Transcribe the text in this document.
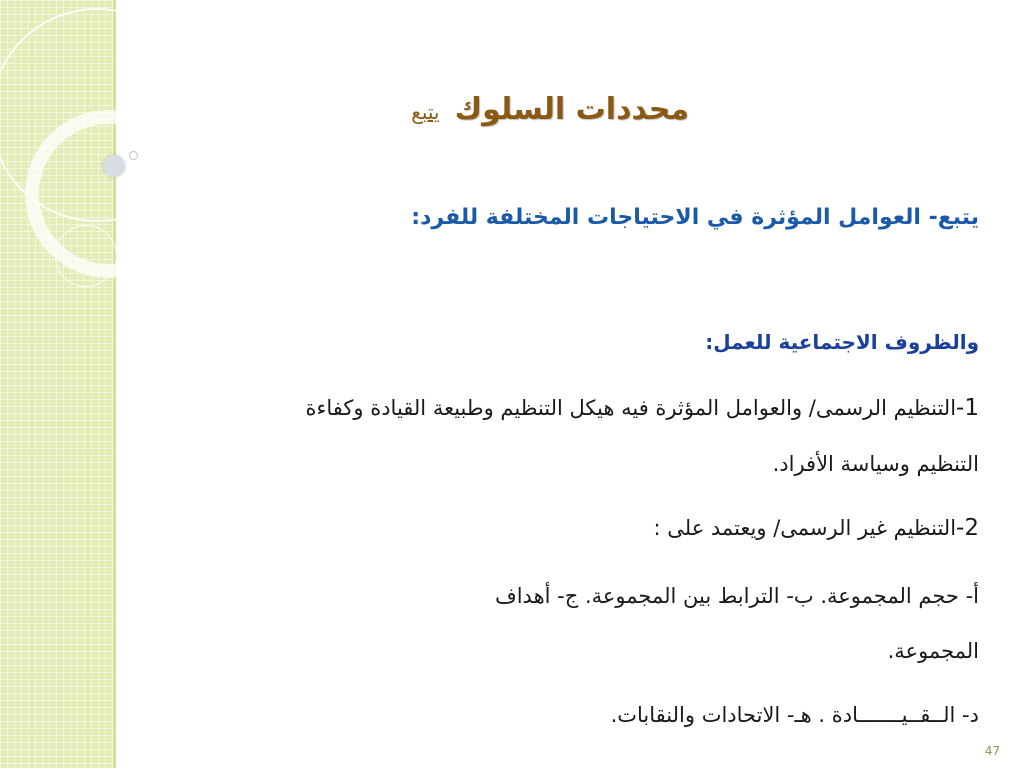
محددات السلوك يتبع
يتبع- العوامل المؤثرة في الاحتياجات المختلفة للفرد:
والظروف الاجتماعية للعمل:
1-التنظيم الرسمى/ والعوامل المؤثرة فيه هيكل التنظيم وطبيعة القيادة وكفاءة
التنظيم وسياسة الأفراد.
2-التنظيم غير الرسمى/ ويعتمد على :
أ- حجم المجموعة. ب- الترابط بين المجموعة. ج- أهداف
المجموعة.
د- الــقــيـــــــادة . هـ- الاتحادات والنقابات.
47
